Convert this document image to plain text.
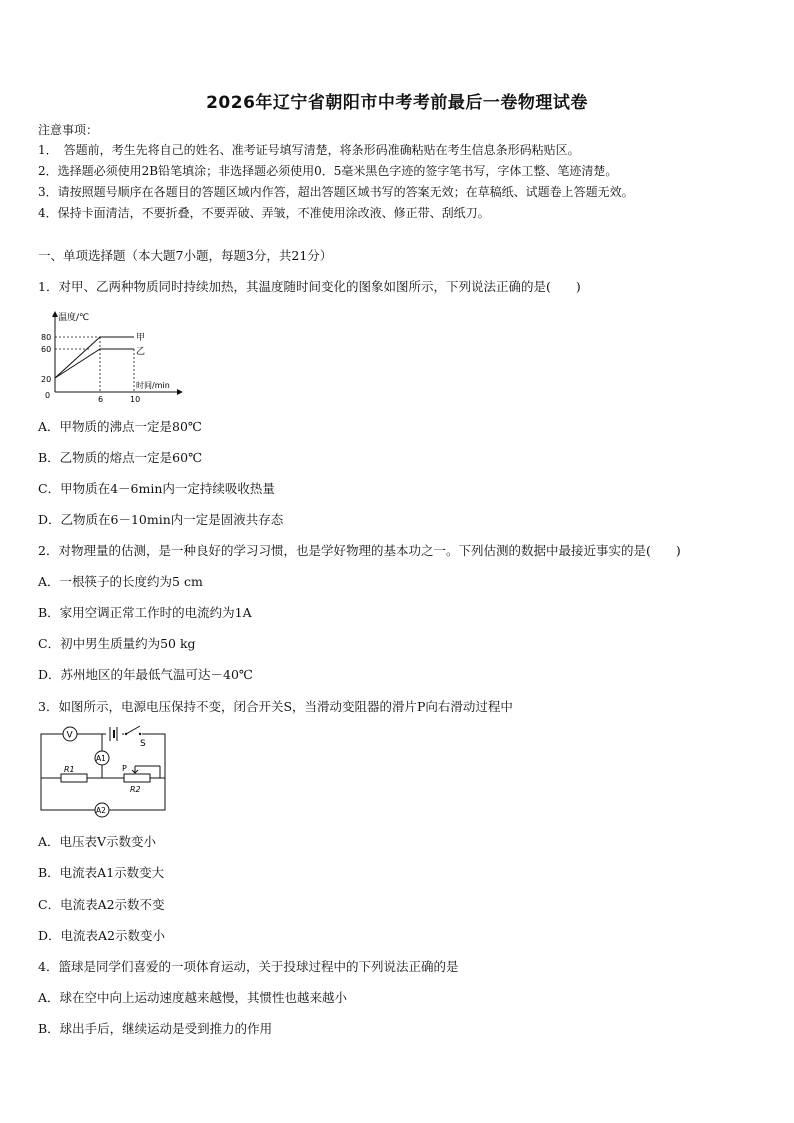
2026年辽宁省朝阳市中考考前最后一卷物理试卷
注意事项：
1．　答题前，考生先将自己的姓名、准考证号填写清楚，将条形码准确粘贴在考生信息条形码粘贴区。
2．选择题必须使用2B铅笔填涂；非选择题必须使用0．5毫米黑色字迹的签字笔书写，字体工整、笔迹清楚。
3．请按照题号顺序在各题目的答题区域内作答，超出答题区域书写的答案无效；在草稿纸、试题卷上答题无效。
4．保持卡面清洁，不要折叠，不要弄破、弄皱，不准使用涂改液、修正带、刮纸刀。
一、单项选择题（本大题7小题，每题3分，共21分）
1．对甲、乙两种物质同时持续加热，其温度随时间变化的图象如图所示，下列说法正确的是(　　)
温度/℃
时间/min
80
60
20
0	6	10
甲
乙
A．甲物质的沸点一定是80℃
B．乙物质的熔点一定是60℃
C．甲物质在4－6min内一定持续吸收热量
D．乙物质在6－10min内一定是固液共存态
2．对物理量的估测，是一种良好的学习习惯，也是学好物理的基本功之一。下列估测的数据中最接近事实的是(　　)
A．一根筷子的长度约为5 cm
B．家用空调正常工作时的电流约为1A
C．初中男生质量约为50 kg
D．苏州地区的年最低气温可达－40℃
3．如图所示，电源电压保持不变，闭合开关S，当滑动变阻器的滑片P向右滑动过程中
V
S
A1
R1
R2
P
A2
A．电压表V示数变小
B．电流表A1示数变大
C．电流表A2示数不变
D．电流表A2示数变小
4．篮球是同学们喜爱的一项体育运动，关于投球过程中的下列说法正确的是
A．球在空中向上运动速度越来越慢，其惯性也越来越小
B．球出手后，继续运动是受到推力的作用
